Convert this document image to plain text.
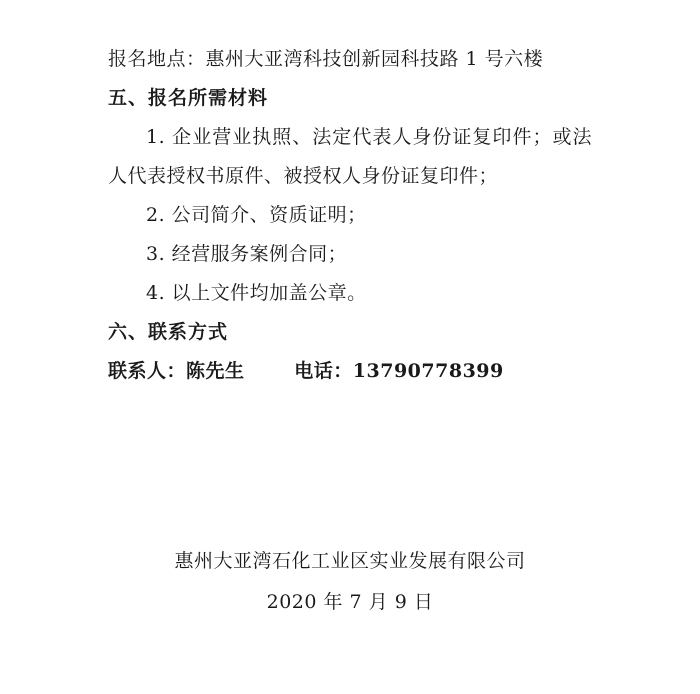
报名地点：惠州大亚湾科技创新园科技路 1 号六楼
五、报名所需材料
1. 企业营业执照、法定代表人身份证复印件；或法人代表授权书原件、被授权人身份证复印件；
2. 公司简介、资质证明；
3. 经营服务案例合同；
4. 以上文件均加盖公章。
六、联系方式
联系人：陈先生       电话：13790778399
惠州大亚湾石化工业区实业发展有限公司
2020 年 7 月 9 日
